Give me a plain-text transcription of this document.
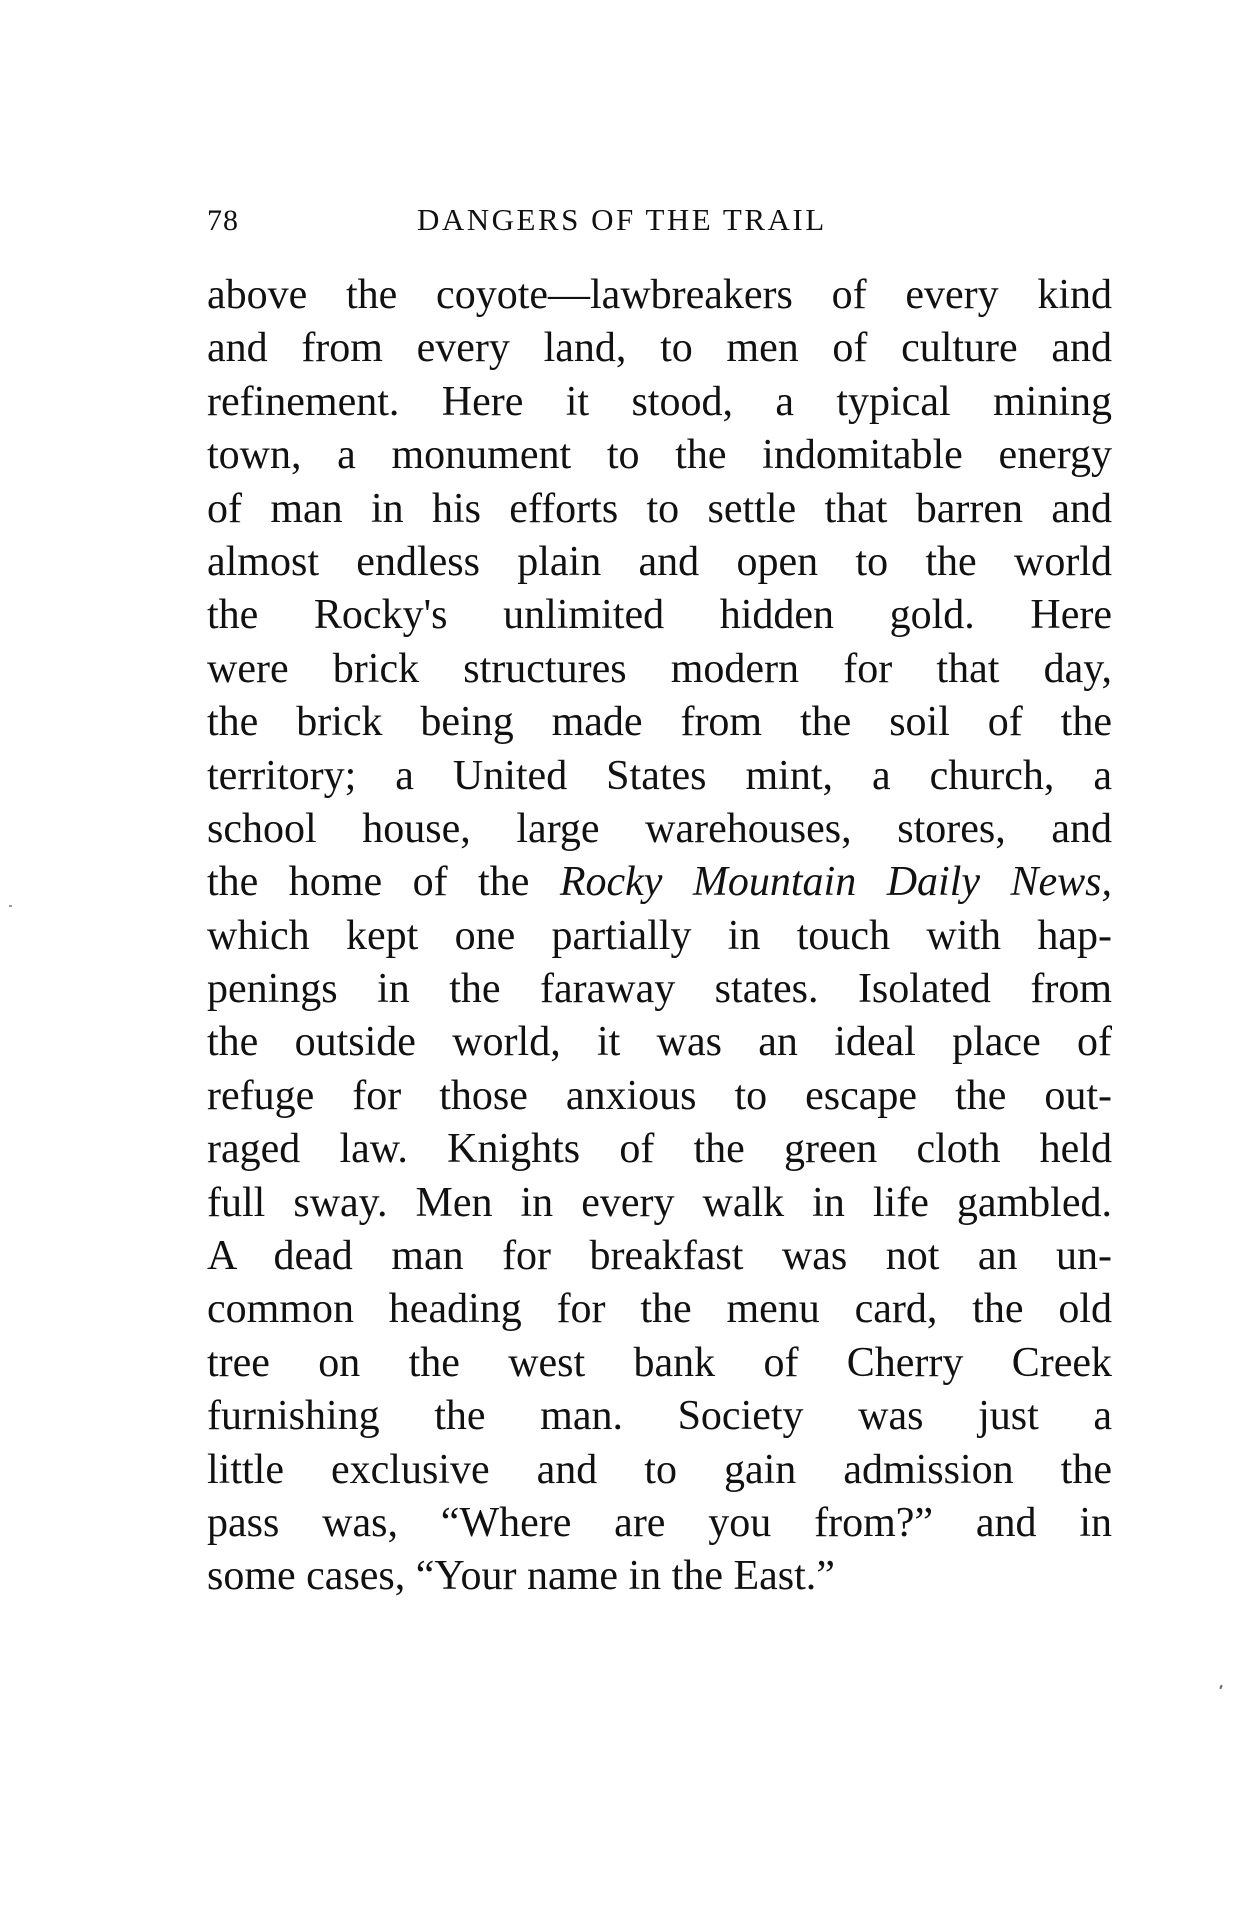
78	DANGERS OF THE TRAIL
above the coyote—lawbreakers of every kind
and from every land, to men of culture and
refinement. Here it stood, a typical mining
town, a monument to the indomitable energy
of man in his efforts to settle that barren and
almost endless plain and open to the world
the Rocky's unlimited hidden gold. Here
were brick structures modern for that day,
the brick being made from the soil of the
territory; a United States mint, a church, a
school house, large warehouses, stores, and
the home of the Rocky Mountain Daily News,
which kept one partially in touch with hap-
penings in the faraway states. Isolated from
the outside world, it was an ideal place of
refuge for those anxious to escape the out-
raged law. Knights of the green cloth held
full sway. Men in every walk in life gambled.
A dead man for breakfast was not an un-
common heading for the menu card, the old
tree on the west bank of Cherry Creek
furnishing the man. Society was just a
little exclusive and to gain admission the
pass was, “Where are you from?” and in
some cases, “Your name in the East.”
